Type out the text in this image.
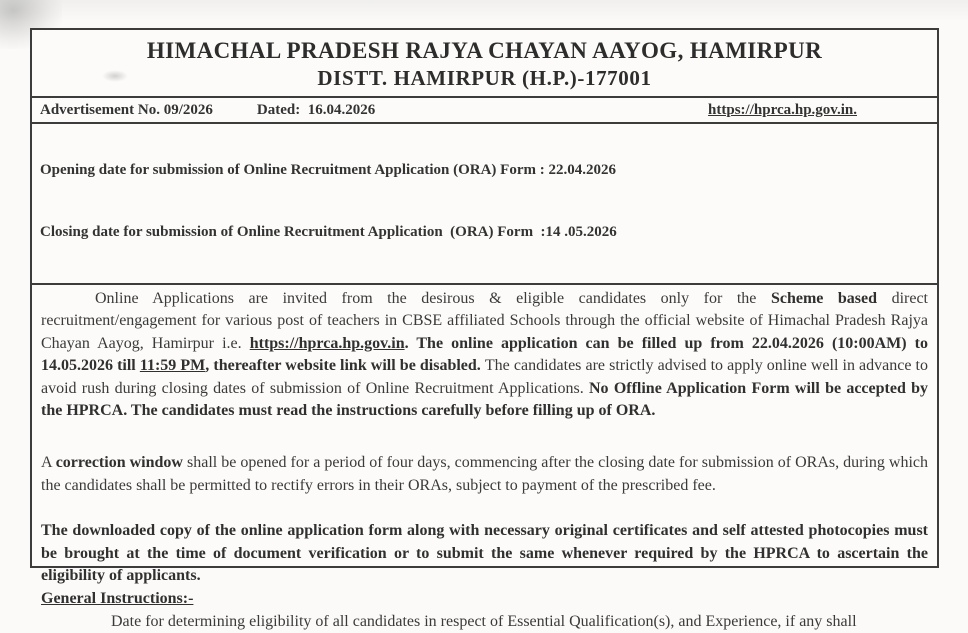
HIMACHAL PRADESH RAJYA CHAYAN AAYOG, HAMIRPUR
DISTT. HAMIRPUR (H.P.)-177001
Advertisement No. 09/2026	Dated:  16.04.2026	https://hprca.hp.gov.in.

Opening date for submission of Online Recruitment Application (ORA) Form : 22.04.2026

Closing date for submission of Online Recruitment Application  (ORA) Form  :14 .05.2026

Online Applications are invited from the desirous & eligible candidates only for the Scheme based direct recruitment/engagement for various post of teachers in CBSE affiliated Schools through the official website of Himachal Pradesh Rajya Chayan Aayog, Hamirpur i.e. https://hprca.hp.gov.in. The online application can be filled up from 22.04.2026 (10:00AM) to 14.05.2026 till 11:59 PM, thereafter website link will be disabled. The candidates are strictly advised to apply online well in advance to avoid rush during closing dates of submission of Online Recruitment Applications. No Offline Application Form will be accepted by the HPRCA. The candidates must read the instructions carefully before filling up of ORA.

A correction window shall be opened for a period of four days, commencing after the closing date for submission of ORAs, during which the candidates shall be permitted to rectify errors in their ORAs, subject to payment of the prescribed fee.

The downloaded copy of the online application form along with necessary original certificates and self attested photocopies must be brought at the time of document verification or to submit the same whenever required by the HPRCA to ascertain the eligibility of applicants.

General Instructions:-

Date for determining eligibility of all candidates in respect of Essential Qualification(s), and Experience, if any shall
